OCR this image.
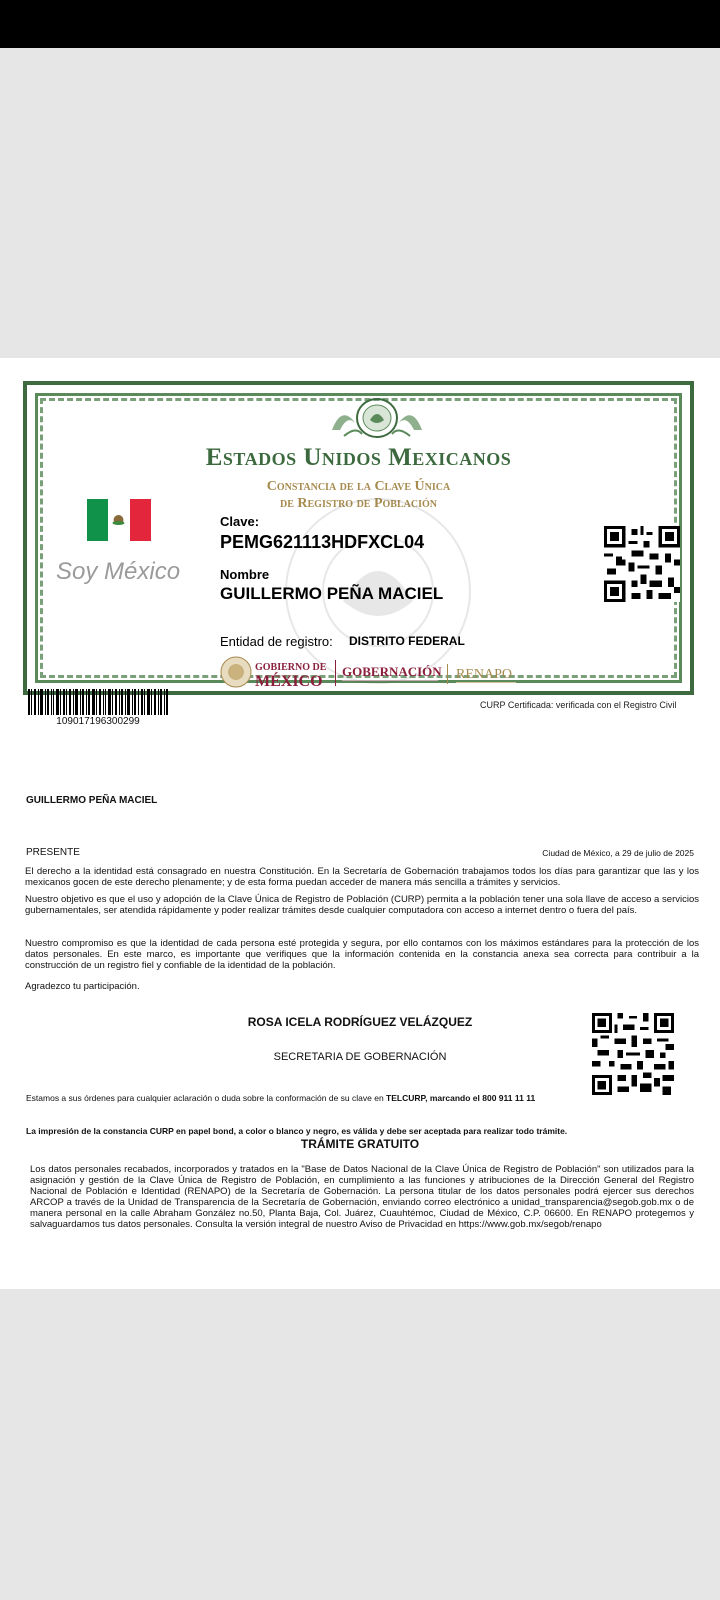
Estados Unidos Mexicanos
Constancia de la Clave Única
de Registro de Población
Soy México
Clave:
PEMG621113HDFXCL04
Nombre
GUILLERMO PEÑA MACIEL
Entidad de registro: DISTRITO FEDERAL
GOBIERNO DE
MÉXICO
GOBERNACIÓN RENAPO
109017196300299
CURP Certificada: verificada con el Registro Civil
GUILLERMO PEÑA MACIEL
PRESENTE	Ciudad de México, a 29 de julio de 2025
El derecho a la identidad está consagrado en nuestra Constitución. En la Secretaría de Gobernación trabajamos todos los días para garantizar que las y los mexicanos gocen de este derecho plenamente; y de esta forma puedan acceder de manera más sencilla a trámites y servicios.
Nuestro objetivo es que el uso y adopción de la Clave Única de Registro de Población (CURP) permita a la población tener una sola llave de acceso a servicios gubernamentales, ser atendida rápidamente y poder realizar trámites desde cualquier computadora con acceso a internet dentro o fuera del país.
Nuestro compromiso es que la identidad de cada persona esté protegida y segura, por ello contamos con los máximos estándares para la protección de los datos personales. En este marco, es importante que verifiques que la información contenida en la constancia anexa sea correcta para contribuir a la construcción de un registro fiel y confiable de la identidad de la población.
Agradezco tu participación.
ROSA ICELA RODRÍGUEZ VELÁZQUEZ
SECRETARIA DE GOBERNACIÓN
Estamos a sus órdenes para cualquier aclaración o duda sobre la conformación de su clave en TELCURP, marcando el 800 911 11 11
La impresión de la constancia CURP en papel bond, a color o blanco y negro, es válida y debe ser aceptada para realizar todo trámite.
TRÁMITE GRATUITO
Los datos personales recabados, incorporados y tratados en la "Base de Datos Nacional de la Clave Única de Registro de Población" son utilizados para la asignación y gestión de la Clave Única de Registro de Población, en cumplimiento a las funciones y atribuciones de la Dirección General del Registro Nacional de Población e Identidad (RENAPO) de la Secretaría de Gobernación. La persona titular de los datos personales podrá ejercer sus derechos ARCOP a través de la Unidad de Transparencia de la Secretaría de Gobernación, enviando correo electrónico a unidad_transparencia@segob.gob.mx o de manera personal en la calle Abraham González no.50, Planta Baja, Col. Juárez, Cuauhtémoc, Ciudad de México, C.P. 06600. En RENAPO protegemos y salvaguardamos tus datos personales. Consulta la versión integral de nuestro Aviso de Privacidad en https://www.gob.mx/segob/renapo
